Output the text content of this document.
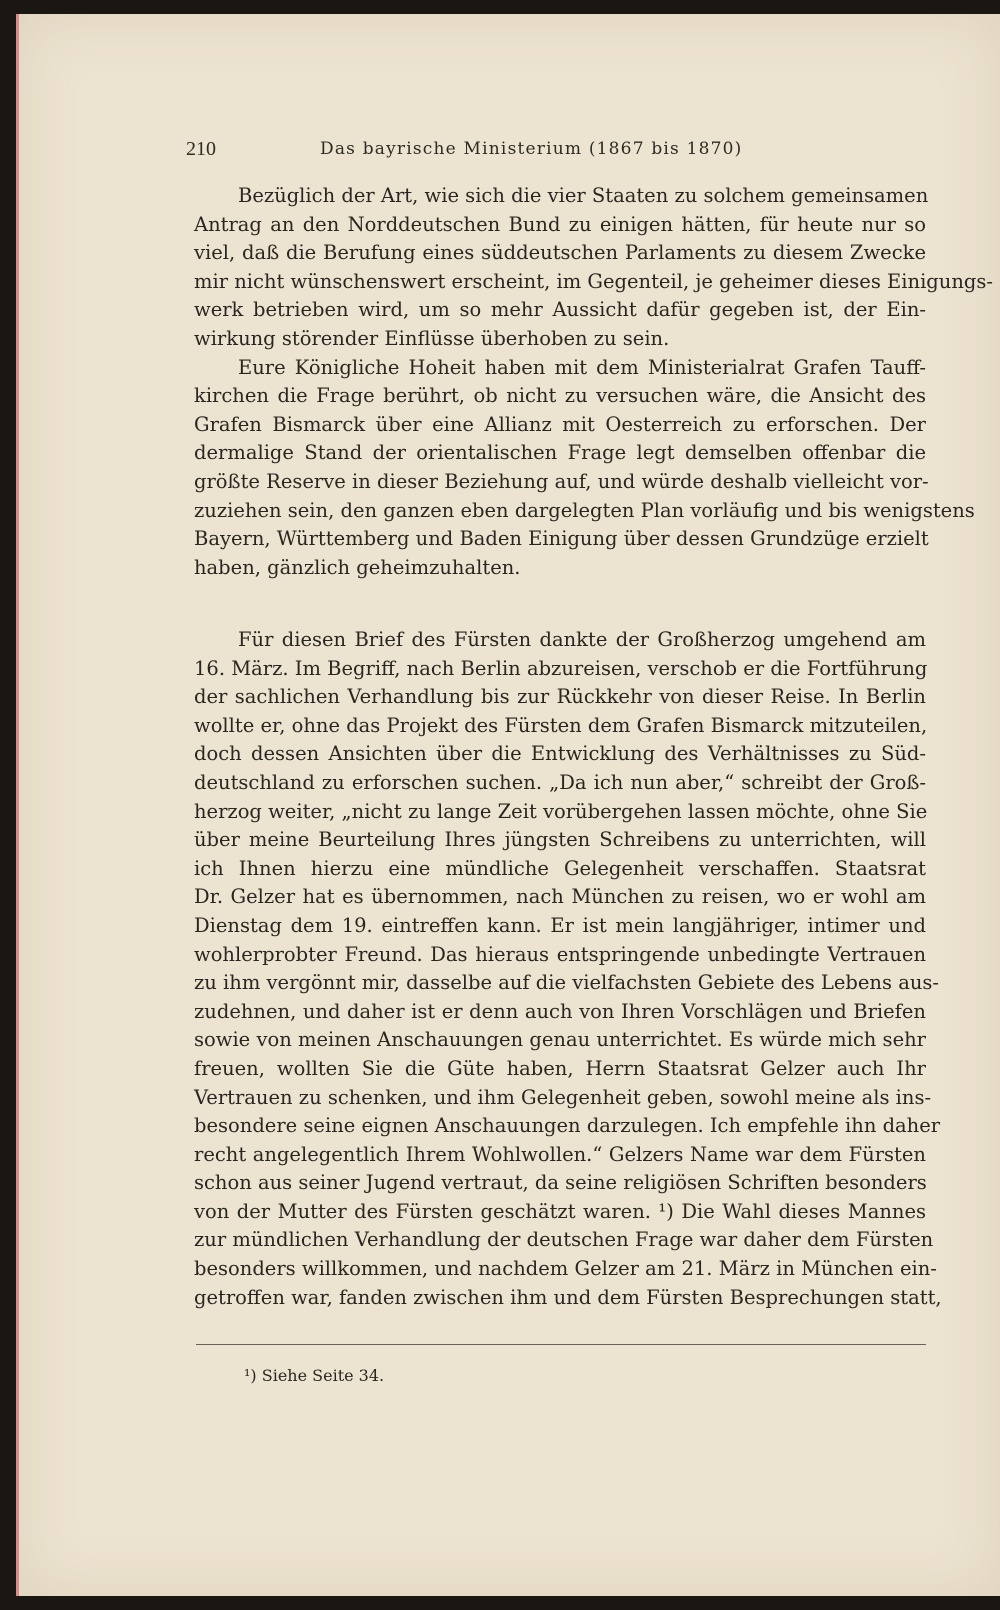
210	Das bayrische Ministerium (1867 bis 1870)
Bezüglich der Art, wie sich die vier Staaten zu solchem gemeinsamen
Antrag an den Norddeutschen Bund zu einigen hätten, für heute nur so
viel, daß die Berufung eines süddeutschen Parlaments zu diesem Zwecke
mir nicht wünschenswert erscheint, im Gegenteil, je geheimer dieses Einigungs-
werk betrieben wird, um so mehr Aussicht dafür gegeben ist, der Ein-
wirkung störender Einflüsse überhoben zu sein.
Eure Königliche Hoheit haben mit dem Ministerialrat Grafen Tauff-
kirchen die Frage berührt, ob nicht zu versuchen wäre, die Ansicht des
Grafen Bismarck über eine Allianz mit Oesterreich zu erforschen. Der
dermalige Stand der orientalischen Frage legt demselben offenbar die
größte Reserve in dieser Beziehung auf, und würde deshalb vielleicht vor-
zuziehen sein, den ganzen eben dargelegten Plan vorläufig und bis wenigstens
Bayern, Württemberg und Baden Einigung über dessen Grundzüge erzielt
haben, gänzlich geheimzuhalten.
Für diesen Brief des Fürsten dankte der Großherzog umgehend am
16. März. Im Begriff, nach Berlin abzureisen, verschob er die Fortführung
der sachlichen Verhandlung bis zur Rückkehr von dieser Reise. In Berlin
wollte er, ohne das Projekt des Fürsten dem Grafen Bismarck mitzuteilen,
doch dessen Ansichten über die Entwicklung des Verhältnisses zu Süd-
deutschland zu erforschen suchen. „Da ich nun aber,“ schreibt der Groß-
herzog weiter, „nicht zu lange Zeit vorübergehen lassen möchte, ohne Sie
über meine Beurteilung Ihres jüngsten Schreibens zu unterrichten, will
ich Ihnen hierzu eine mündliche Gelegenheit verschaffen. Staatsrat
Dr. Gelzer hat es übernommen, nach München zu reisen, wo er wohl am
Dienstag dem 19. eintreffen kann. Er ist mein langjähriger, intimer und
wohlerprobter Freund. Das hieraus entspringende unbedingte Vertrauen
zu ihm vergönnt mir, dasselbe auf die vielfachsten Gebiete des Lebens aus-
zudehnen, und daher ist er denn auch von Ihren Vorschlägen und Briefen
sowie von meinen Anschauungen genau unterrichtet. Es würde mich sehr
freuen, wollten Sie die Güte haben, Herrn Staatsrat Gelzer auch Ihr
Vertrauen zu schenken, und ihm Gelegenheit geben, sowohl meine als ins-
besondere seine eignen Anschauungen darzulegen. Ich empfehle ihn daher
recht angelegentlich Ihrem Wohlwollen.“ Gelzers Name war dem Fürsten
schon aus seiner Jugend vertraut, da seine religiösen Schriften besonders
von der Mutter des Fürsten geschätzt waren. ¹) Die Wahl dieses Mannes
zur mündlichen Verhandlung der deutschen Frage war daher dem Fürsten
besonders willkommen, und nachdem Gelzer am 21. März in München ein-
getroffen war, fanden zwischen ihm und dem Fürsten Besprechungen statt,
¹) Siehe Seite 34.
